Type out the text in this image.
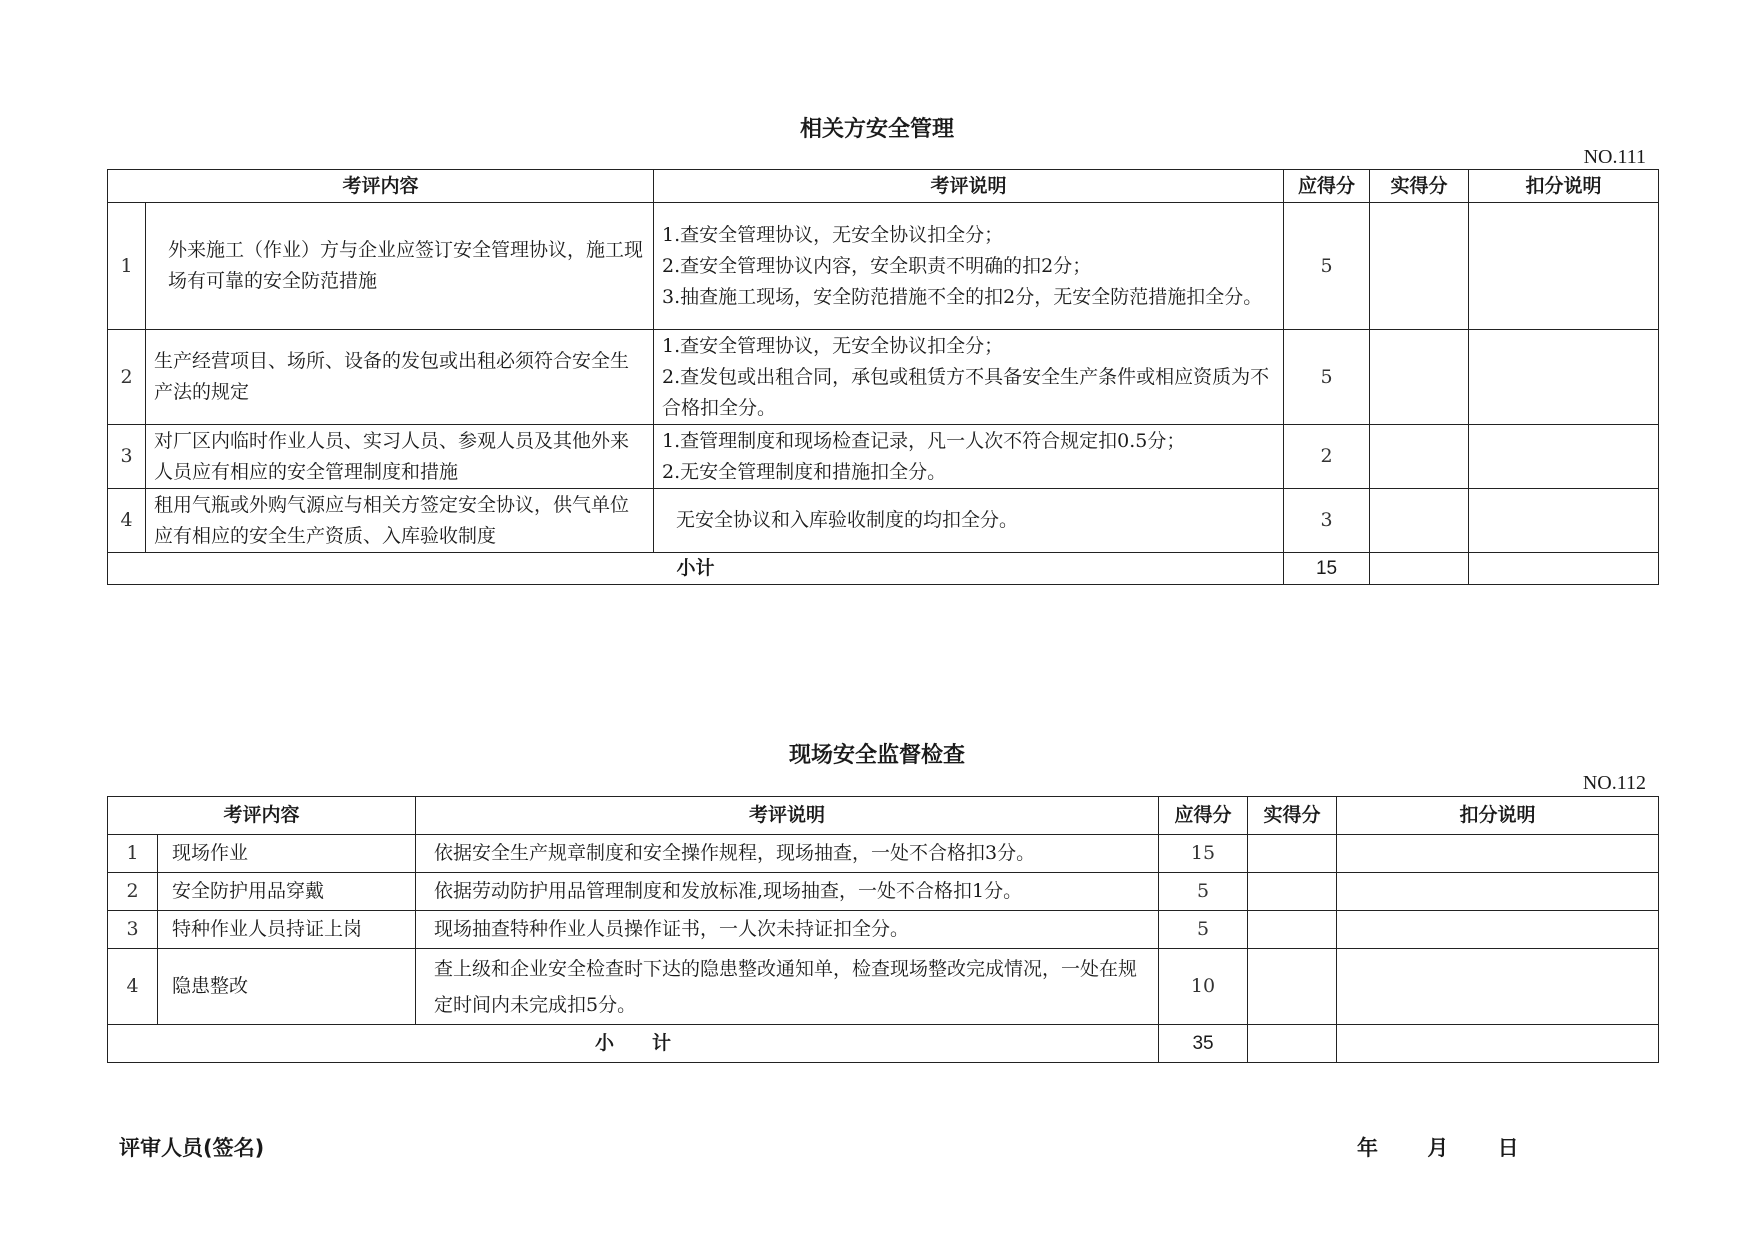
相关方安全管理
NO.111
考评内容		考评说明	应得分	实得分	扣分说明
1	外来施工（作业）方与企业应签订安全管理协议，施工现场有可靠的安全防范措施	1.查安全管理协议，无安全协议扣全分；
2.查安全管理协议内容，安全职责不明确的扣2分；
3.抽查施工现场，安全防范措施不全的扣2分，无安全防范措施扣全分。	5		
2	生产经营项目、场所、设备的发包或出租必须符合安全生产法的规定	1.查安全管理协议，无安全协议扣全分；
2.查发包或出租合同，承包或租赁方不具备安全生产条件或相应资质为不合格扣全分。	5		
3	对厂区内临时作业人员、实习人员、参观人员及其他外来人员应有相应的安全管理制度和措施	1.查管理制度和现场检查记录，凡一人次不符合规定扣0.5分；
2.无安全管理制度和措施扣全分。	2		
4	租用气瓶或外购气源应与相关方签定安全协议，供气单位应有相应的安全生产资质、入库验收制度	无安全协议和入库验收制度的均扣全分。	3		
小计			15		
现场安全监督检查
NO.112
考评内容		考评说明	应得分	实得分	扣分说明
1	现场作业	依据安全生产规章制度和安全操作规程，现场抽查，一处不合格扣3分。	15		
2	安全防护用品穿戴	依据劳动防护用品管理制度和发放标准,现场抽查，一处不合格扣1分。	5		
3	特种作业人员持证上岗	现场抽查特种作业人员操作证书，一人次未持证扣全分。	5		
4	隐患整改	查上级和企业安全检查时下达的隐患整改通知单，检查现场整改完成情况，一处在规定时间内未完成扣5分。	10		
小　　计			35		
评审人员(签名)	年 月 日
